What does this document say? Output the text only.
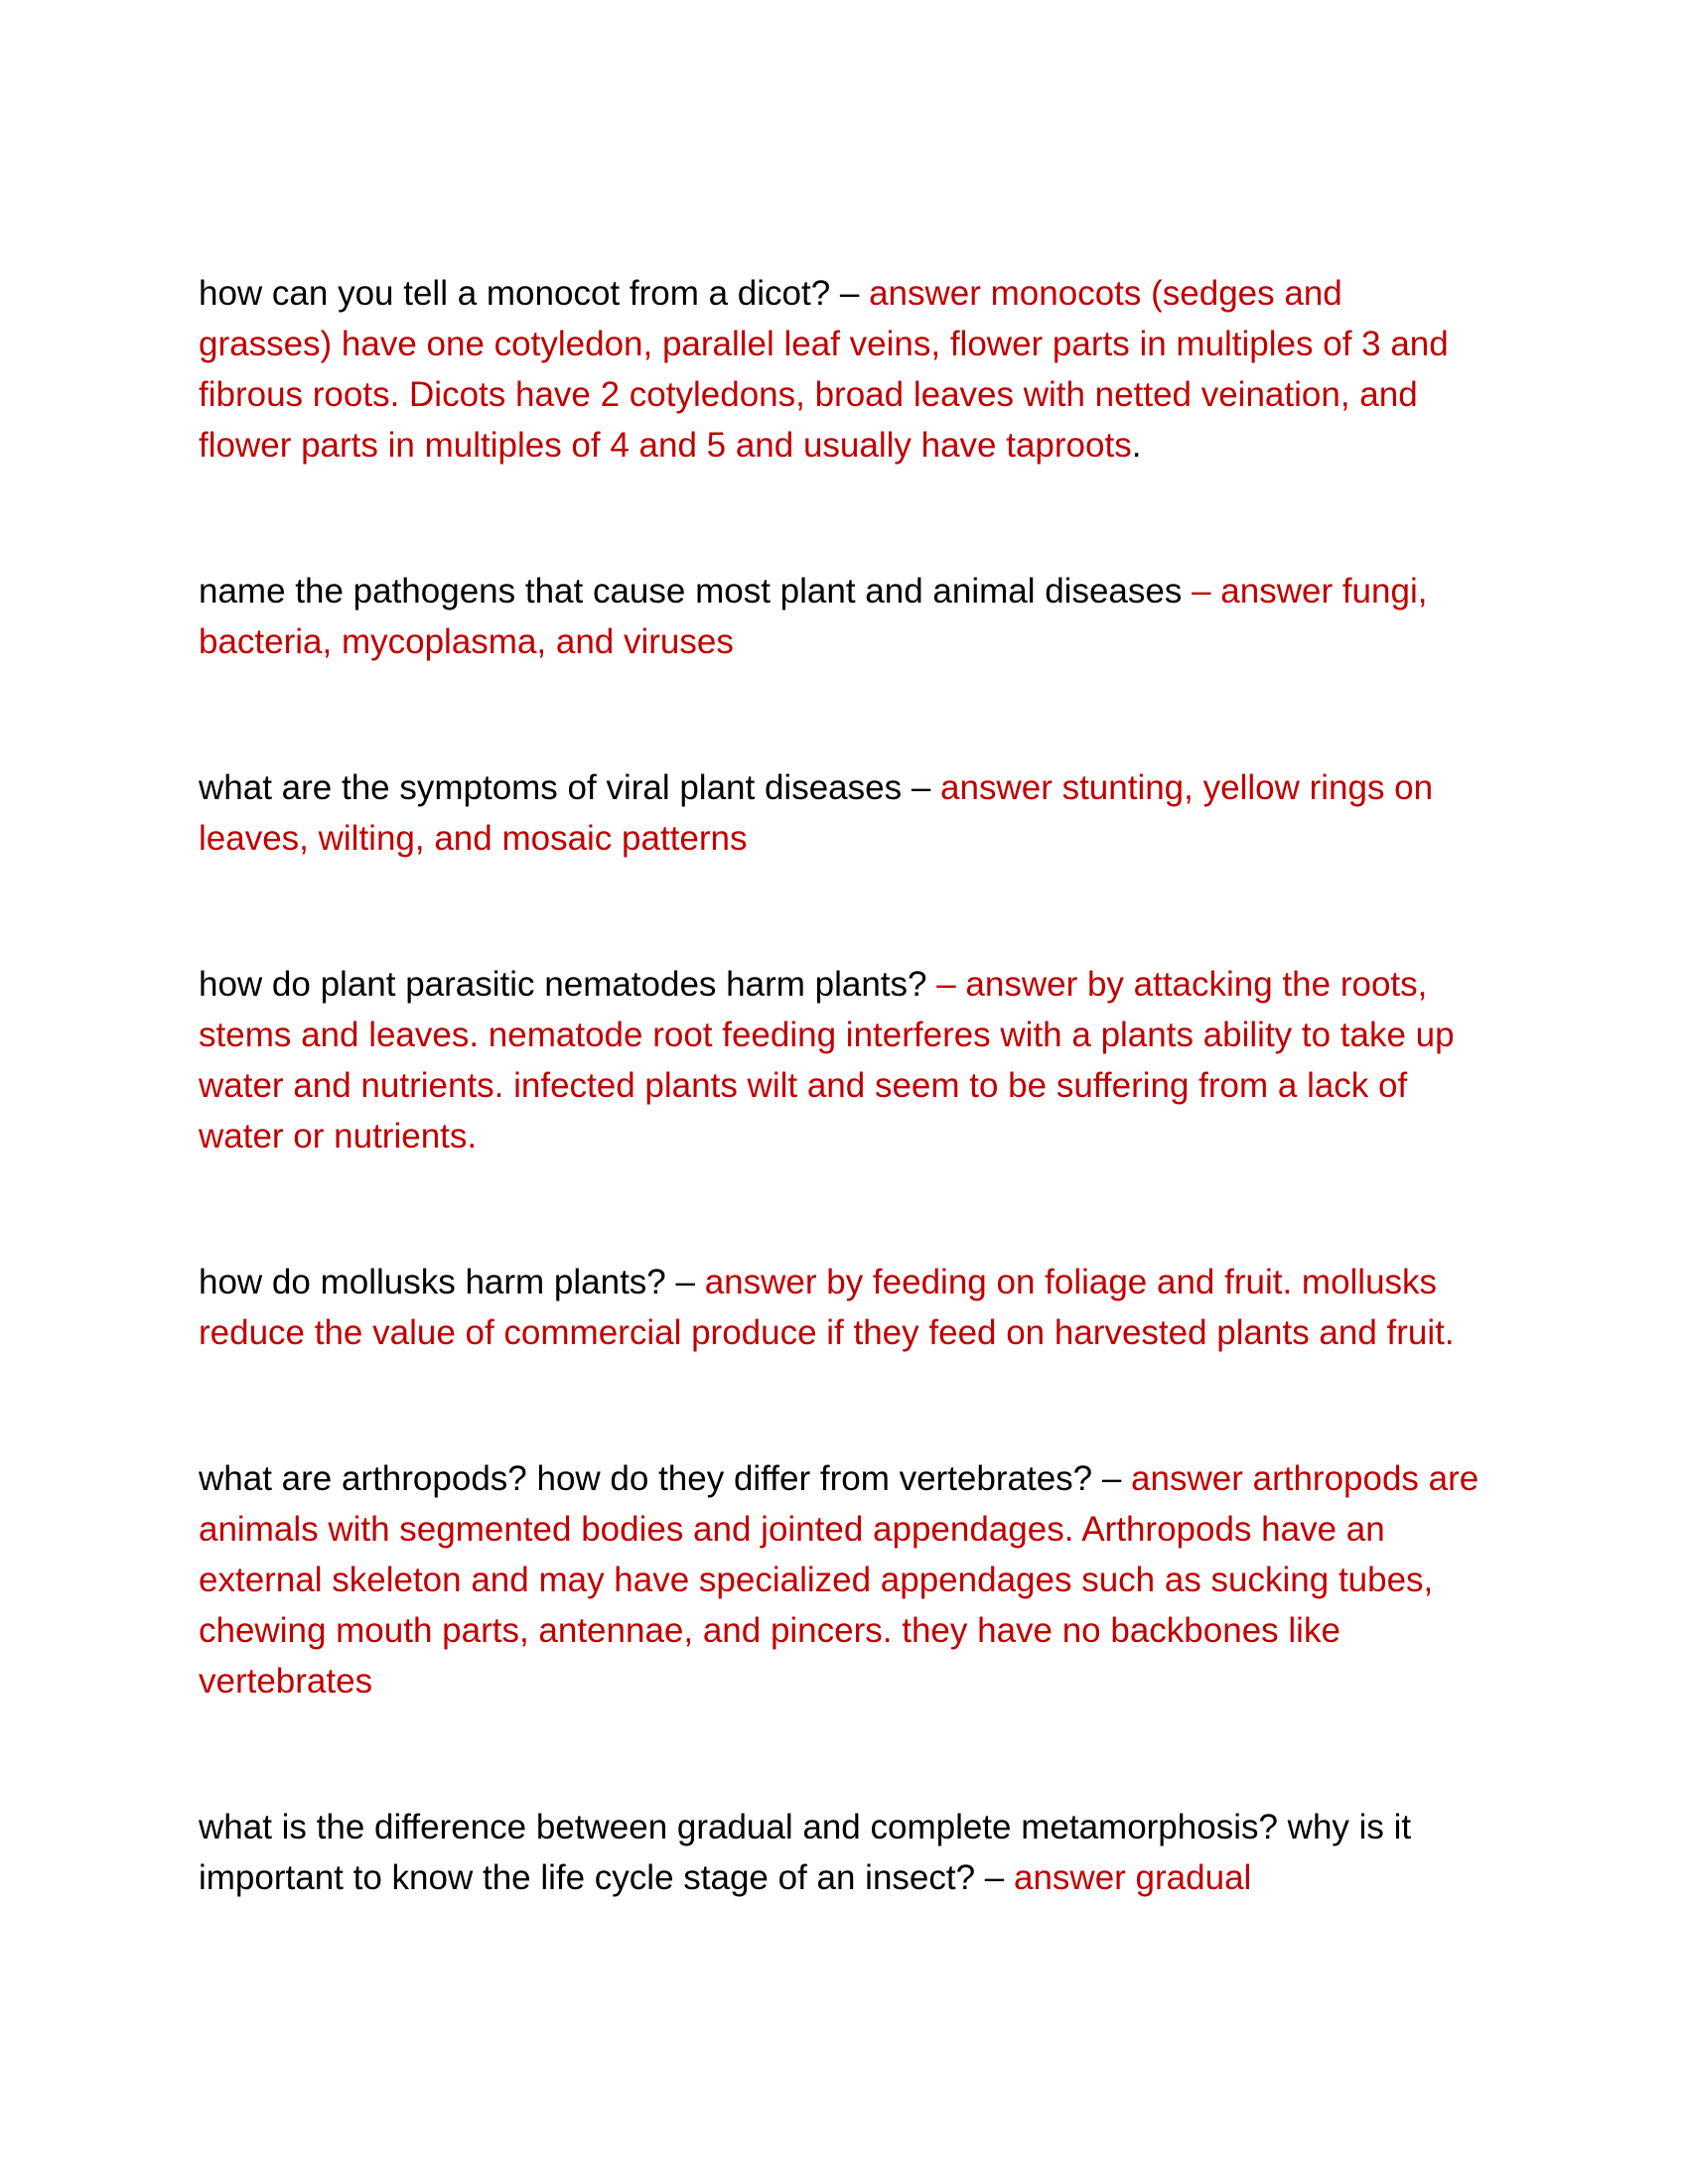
how can you tell a monocot from a dicot? – answer monocots (sedges and grasses) have one cotyledon, parallel leaf veins, flower parts in multiples of 3 and fibrous roots. Dicots have 2 cotyledons, broad leaves with netted veination, and flower parts in multiples of 4 and 5 and usually have taproots.

name the pathogens that cause most plant and animal diseases – answer fungi, bacteria, mycoplasma, and viruses

what are the symptoms of viral plant diseases – answer stunting, yellow rings on leaves, wilting, and mosaic patterns

how do plant parasitic nematodes harm plants? – answer by attacking the roots, stems and leaves. nematode root feeding interferes with a plants ability to take up water and nutrients. infected plants wilt and seem to be suffering from a lack of water or nutrients.

how do mollusks harm plants? – answer by feeding on foliage and fruit. mollusks reduce the value of commercial produce if they feed on harvested plants and fruit.

what are arthropods? how do they differ from vertebrates? – answer arthropods are animals with segmented bodies and jointed appendages. Arthropods have an external skeleton and may have specialized appendages such as sucking tubes, chewing mouth parts, antennae, and pincers. they have no backbones like vertebrates

what is the difference between gradual and complete metamorphosis? why is it important to know the life cycle stage of an insect? – answer gradual
